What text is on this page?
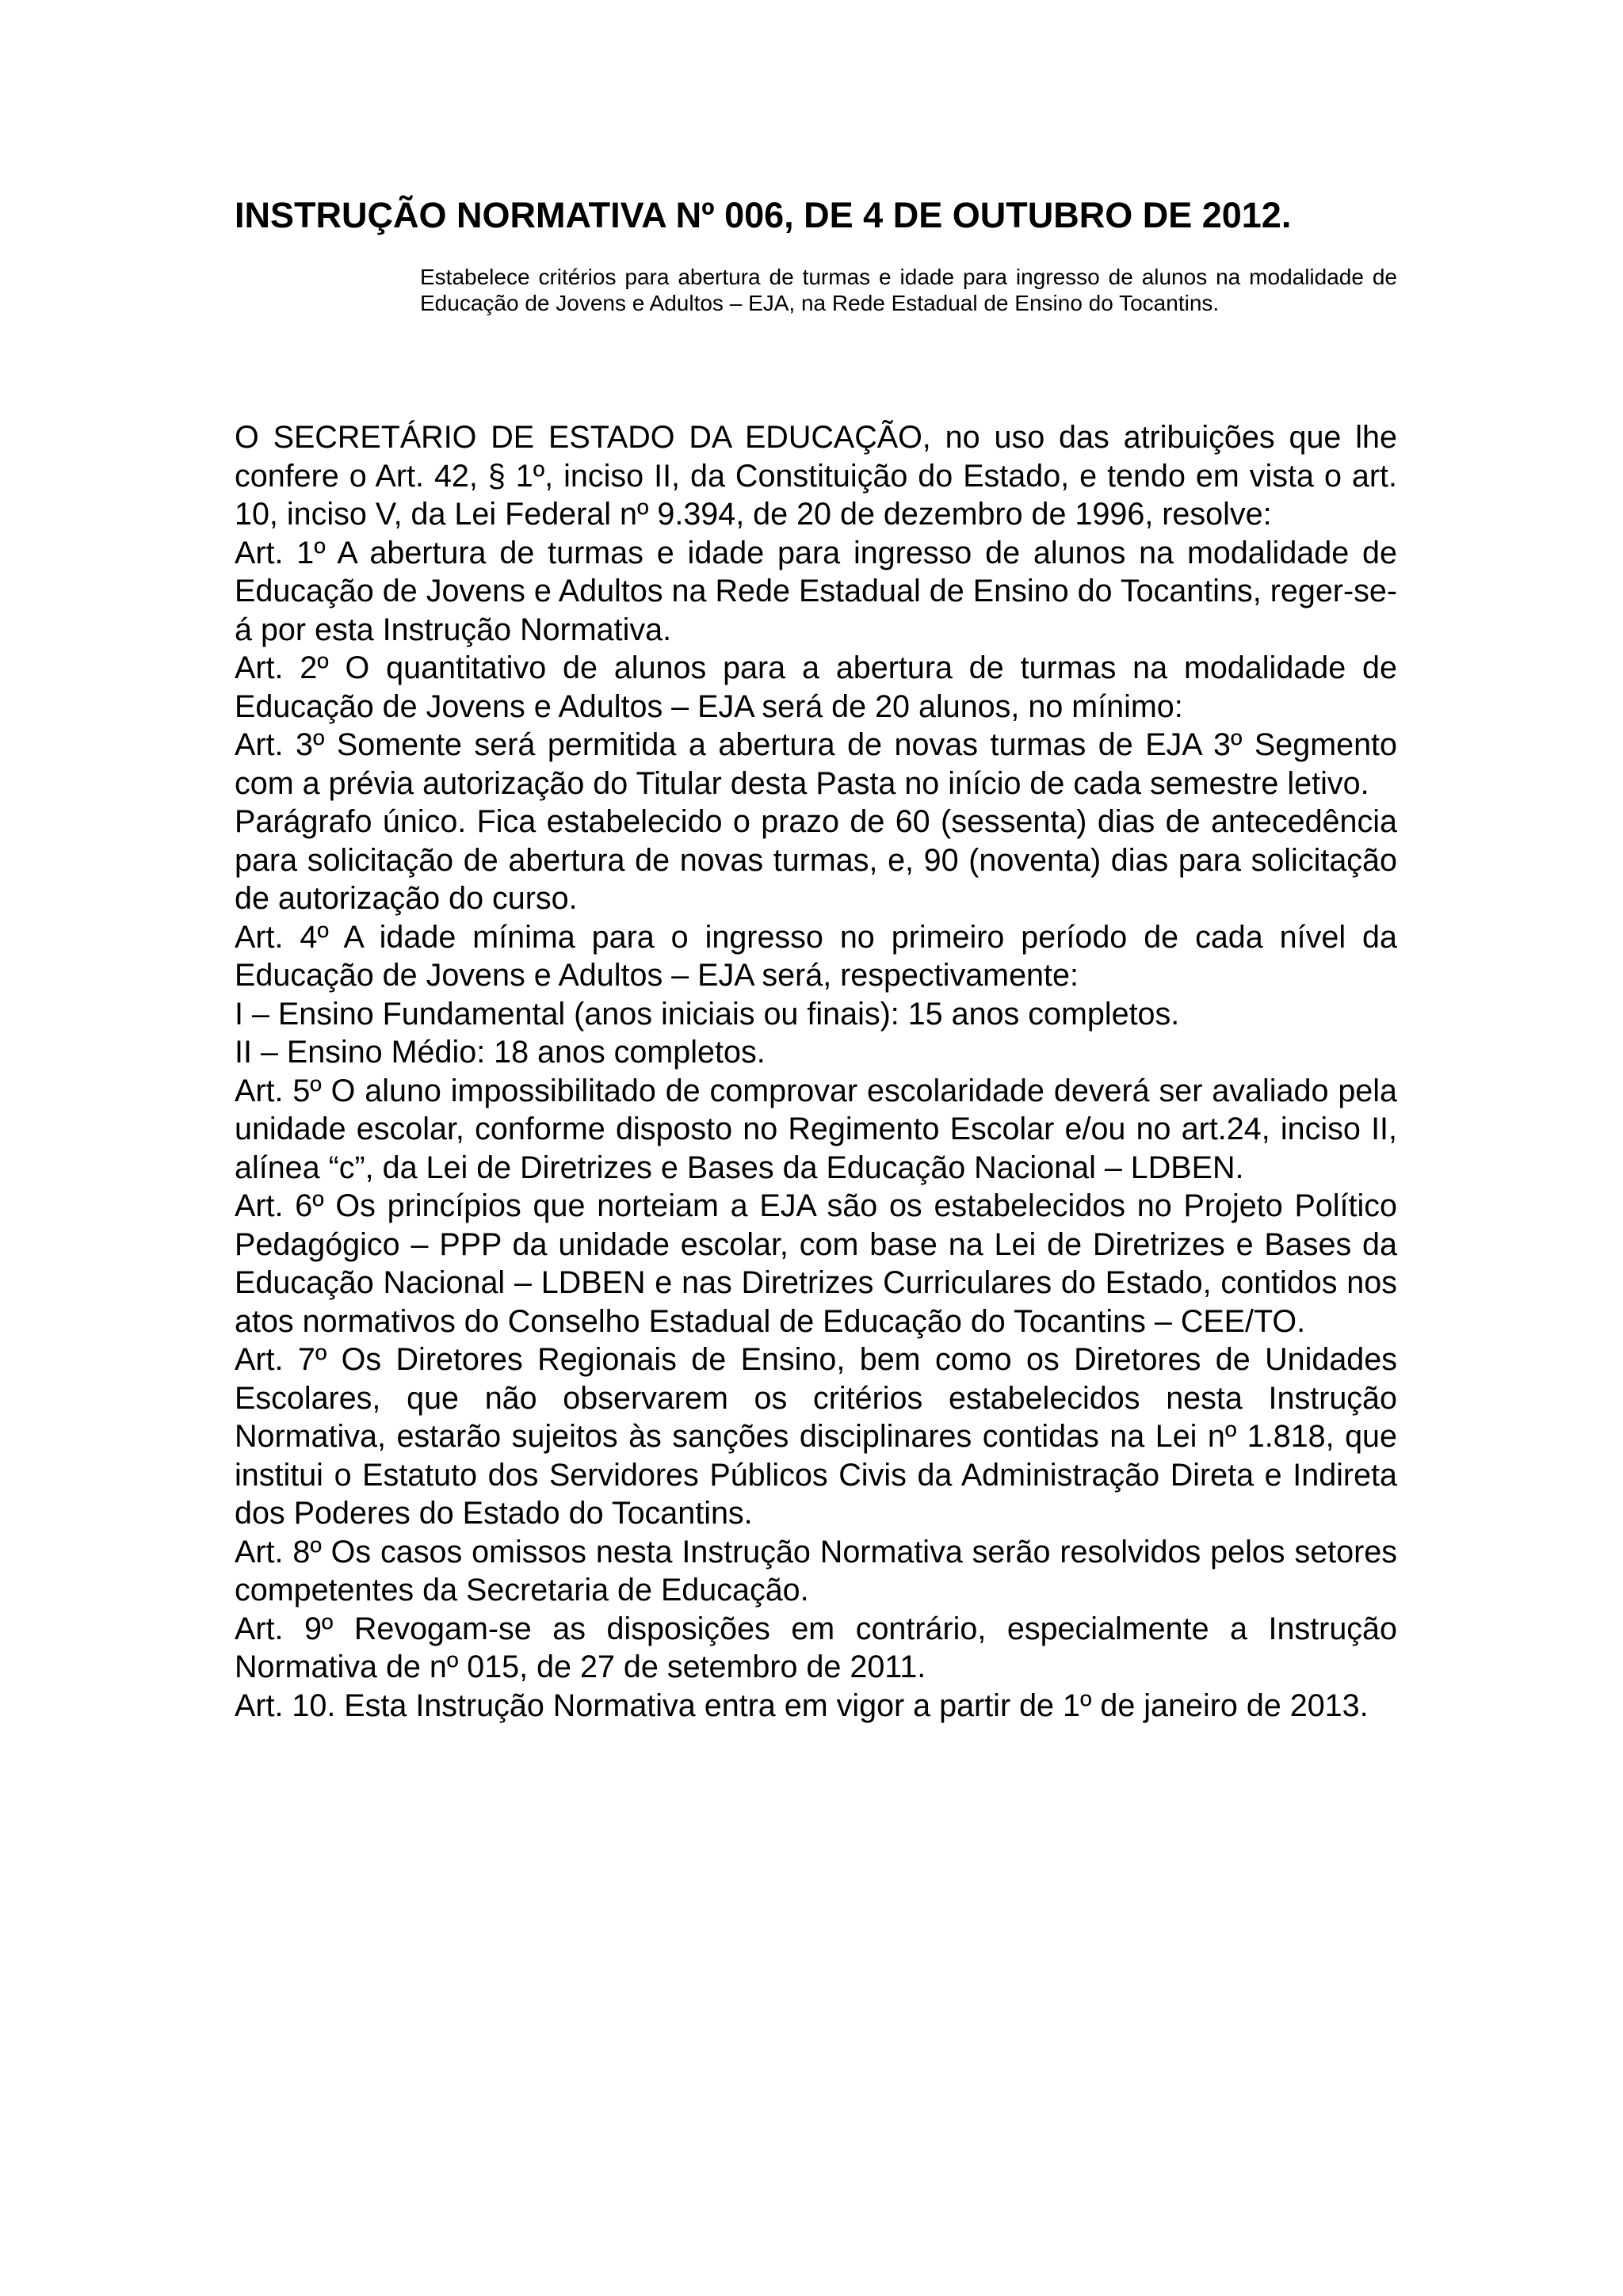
INSTRUÇÃO NORMATIVA Nº 006, DE 4 DE OUTUBRO DE 2012.

Estabelece critérios para abertura de turmas e idade para ingresso de alunos na modalidade de Educação de Jovens e Adultos – EJA, na Rede Estadual de Ensino do Tocantins.

O SECRETÁRIO DE ESTADO DA EDUCAÇÃO, no uso das atribuições que lhe confere o Art. 42, § 1º, inciso II, da Constituição do Estado, e tendo em vista o art. 10, inciso V, da Lei Federal nº 9.394, de 20 de dezembro de 1996, resolve:

Art. 1º A abertura de turmas e idade para ingresso de alunos na modalidade de Educação de Jovens e Adultos na Rede Estadual de Ensino do Tocantins, reger-se-á por esta Instrução Normativa.

Art. 2º O quantitativo de alunos para a abertura de turmas na modalidade de Educação de Jovens e Adultos – EJA será de 20 alunos, no mínimo:

Art. 3º Somente será permitida a abertura de novas turmas de EJA 3º Segmento com a prévia autorização do Titular desta Pasta no início de cada semestre letivo.

Parágrafo único. Fica estabelecido o prazo de 60 (sessenta) dias de antecedência para solicitação de abertura de novas turmas, e, 90 (noventa) dias para solicitação de autorização do curso.

Art. 4º A idade mínima para o ingresso no primeiro período de cada nível da Educação de Jovens e Adultos – EJA será, respectivamente:

I – Ensino Fundamental (anos iniciais ou finais): 15 anos completos.

II – Ensino Médio: 18 anos completos.

Art. 5º O aluno impossibilitado de comprovar escolaridade deverá ser avaliado pela unidade escolar, conforme disposto no Regimento Escolar e/ou no art.24, inciso II, alínea “c”, da Lei de Diretrizes e Bases da Educação Nacional – LDBEN.

Art. 6º Os princípios que norteiam a EJA são os estabelecidos no Projeto Político Pedagógico – PPP da unidade escolar, com base na Lei de Diretrizes e Bases da Educação Nacional – LDBEN e nas Diretrizes Curriculares do Estado, contidos nos atos normativos do Conselho Estadual de Educação do Tocantins – CEE/TO.

Art. 7º Os Diretores Regionais de Ensino, bem como os Diretores de Unidades Escolares, que não observarem os critérios estabelecidos nesta Instrução Normativa, estarão sujeitos às sanções disciplinares contidas na Lei nº 1.818, que institui o Estatuto dos Servidores Públicos Civis da Administração Direta e Indireta dos Poderes do Estado do Tocantins.

Art. 8º Os casos omissos nesta Instrução Normativa serão resolvidos pelos setores competentes da Secretaria de Educação.

Art. 9º Revogam-se as disposições em contrário, especialmente a Instrução Normativa de nº 015, de 27 de setembro de 2011.

Art. 10. Esta Instrução Normativa entra em vigor a partir de 1º de janeiro de 2013.
